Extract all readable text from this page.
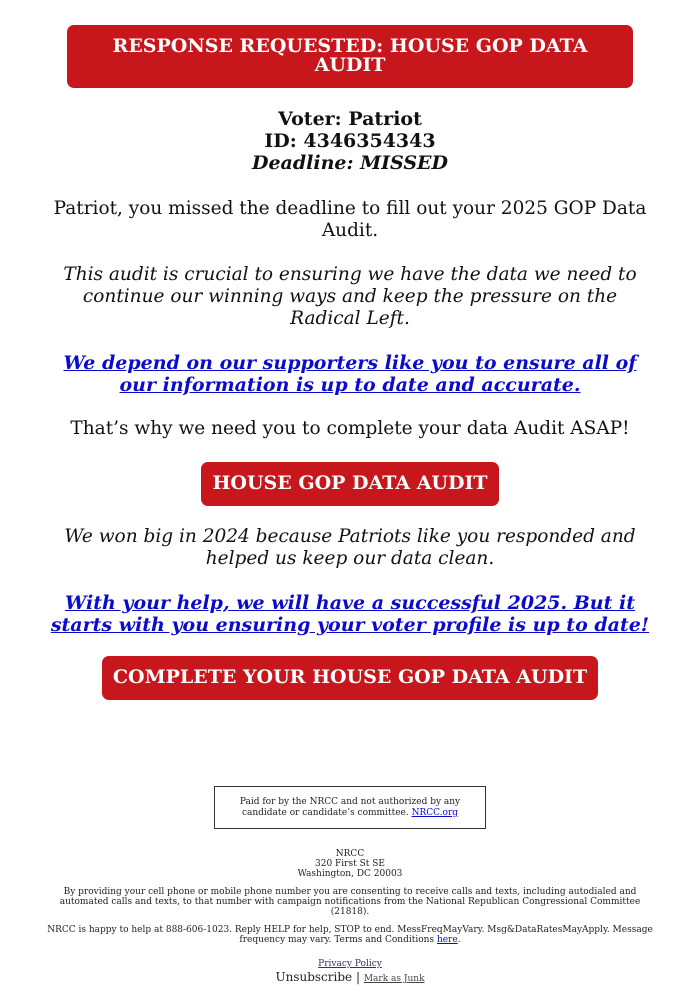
RESPONSE REQUESTED: HOUSE GOP DATA AUDIT
Voter: Patriot
ID: 4346354343
Deadline: MISSED
Patriot, you missed the deadline to fill out your 2025 GOP Data Audit.
This audit is crucial to ensuring we have the data we need to continue our winning ways and keep the pressure on the Radical Left.
We depend on our supporters like you to ensure all of our information is up to date and accurate.
That’s why we need you to complete your data Audit ASAP!
HOUSE GOP DATA AUDIT
We won big in 2024 because Patriots like you responded and helped us keep our data clean.
With your help, we will have a successful 2025. But it starts with you ensuring your voter profile is up to date!
COMPLETE YOUR HOUSE GOP DATA AUDIT
Paid for by the NRCC and not authorized by any
candidate or candidate’s committee. NRCC.org
NRCC
320 First St SE
Washington, DC 20003
By providing your cell phone or mobile phone number you are consenting to receive calls and texts, including autodialed and automated calls and texts, to that number with campaign notifications from the National Republican Congressional Committee (21818).
NRCC is happy to help at 888-606-1023. Reply HELP for help, STOP to end. MessFreqMayVary. Msg&DataRatesMayApply. Message frequency may vary. Terms and Conditions here.
Privacy Policy
Unsubscribe | Mark as Junk
